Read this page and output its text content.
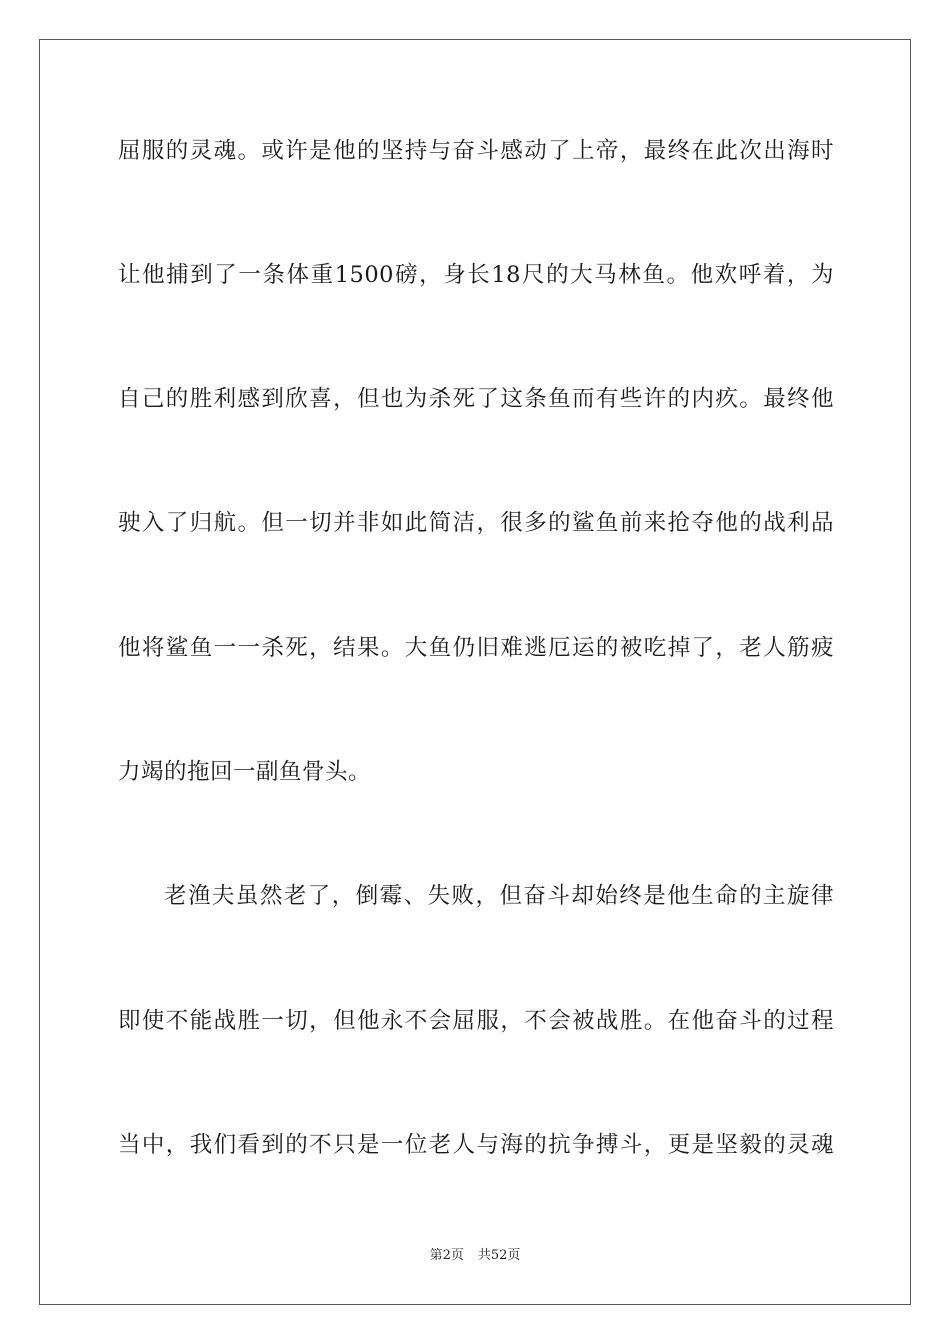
屈服的灵魂。或许是他的坚持与奋斗感动了上帝，最终在此次出海时
让他捕到了一条体重1500磅，身长18尺的大马林鱼。他欢呼着，为
自己的胜利感到欣喜，但也为杀死了这条鱼而有些许的内疚。最终他
驶入了归航。但一切并非如此简洁，很多的鲨鱼前来抢夺他的战利品
他将鲨鱼一一杀死，结果。大鱼仍旧难逃厄运的被吃掉了，老人筋疲
力竭的拖回一副鱼骨头。
老渔夫虽然老了，倒霉、失败，但奋斗却始终是他生命的主旋律
即使不能战胜一切，但他永不会屈服，不会被战胜。在他奋斗的过程
当中，我们看到的不只是一位老人与海的抗争搏斗，更是坚毅的灵魂
第2页 共52页
